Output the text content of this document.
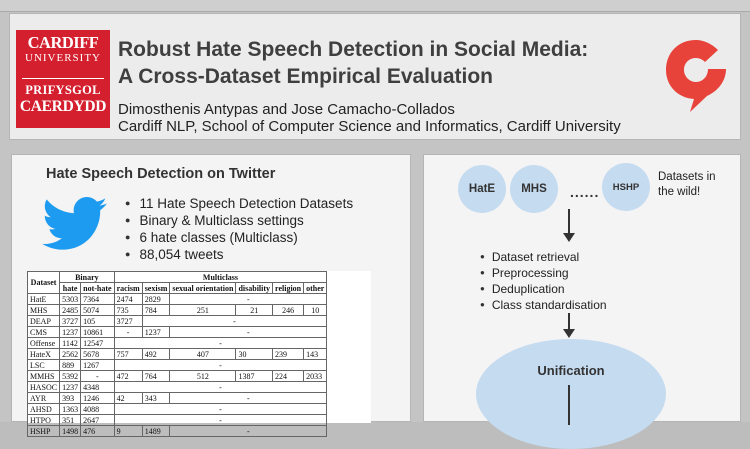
CARDIFF
UNIVERSITY
PRIFYSGOL
CAERDYDD
Robust Hate Speech Detection in Social Media:
A Cross-Dataset Empirical Evaluation
Dimosthenis Antypas and Jose Camacho-Collados
Cardiff NLP, School of Computer Science and Informatics, Cardiff University
Hate Speech Detection on Twitter
● 11 Hate Speech Detection Datasets
● Binary & Multiclass settings
● 6 hate classes (Multiclass)
● 88,054 tweets
Dataset	Binary		Multiclass					
	hate	not-hate	racism	sexism	sexual orientation	disability	religion	other
HatE	5303	7364	2474	2829	-			
MHS	2485	5074	735	784	251	21	246	10
DEAP	3727	105	3727	-				
CMS	1237	10861	-	1237	-			
Offense	1142	12547	-					
HateX	2562	5678	757	492	407	30	239	143
LSC	889	1267	-					
MMHS	5392	-	472	764	512	1387	224	2033
HASOC	1237	4348	-					
AYR	393	1246	42	343	-			
AHSD	1363	4088	-					
HTPO	351	2647	-					
HSHP	1498	476	9	1489	-			
HatE	MHS	......	HSHP
Datasets in the wild!
● Dataset retrieval
● Preprocessing
● Deduplication
● Class standardisation
Unification
